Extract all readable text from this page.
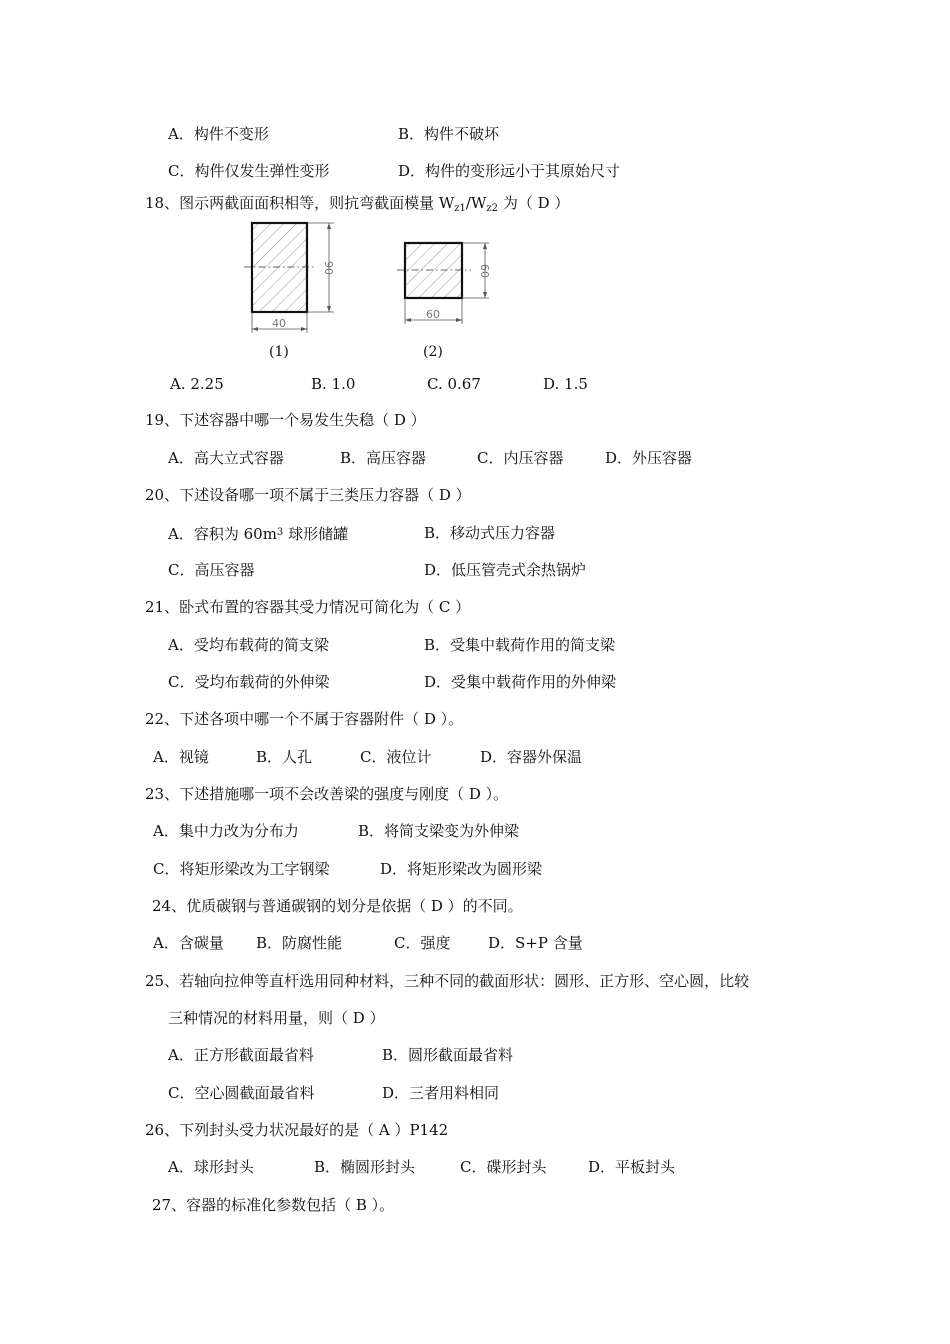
A．构件不变形	B．构件不破坏
C．构件仅发生弹性变形	D．构件的变形远小于其原始尺寸
18、图示两截面面积相等，则抗弯截面模量 $W_{z1}/W_{z2}$ 为（ D ）
40
90
(1)
60
60
(2)
A. 2.25	B. 1.0	C. 0.67	D. 1.5
19、下述容器中哪一个易发生失稳（ D ）
A．高大立式容器	B．高压容器	C．内压容器	D．外压容器
20、下述设备哪一项不属于三类压力容器（ D ）
A．容积为 $60m^3$ 球形储罐	B．移动式压力容器
C．高压容器	D．低压管壳式余热锅炉
21、卧式布置的容器其受力情况可简化为（ C ）
A．受均布载荷的简支梁	B．受集中载荷作用的简支梁
C．受均布载荷的外伸梁	D．受集中载荷作用的外伸梁
22、下述各项中哪一个不属于容器附件（ D ）。
A．视镜	B．人孔	C．液位计	D．容器外保温
23、下述措施哪一项不会改善梁的强度与刚度（ D ）。
A．集中力改为分布力	B．将简支梁变为外伸梁
C．将矩形梁改为工字钢梁	D．将矩形梁改为圆形梁
24、优质碳钢与普通碳钢的划分是依据（ D ）的不同。
A．含碳量 B．防腐性能	C．强度	D．S+P 含量
25、若轴向拉伸等直杆选用同种材料，三种不同的截面形状：圆形、正方形、空心圆，比较
三种情况的材料用量，则（ D ）
A．正方形截面最省料	B．圆形截面最省料
C．空心圆截面最省料	D．三者用料相同
26、下列封头受力状况最好的是（ A ）P142
A．球形封头	B．椭圆形封头	C．碟形封头	D．平板封头
27、容器的标准化参数包括（ B ）。
